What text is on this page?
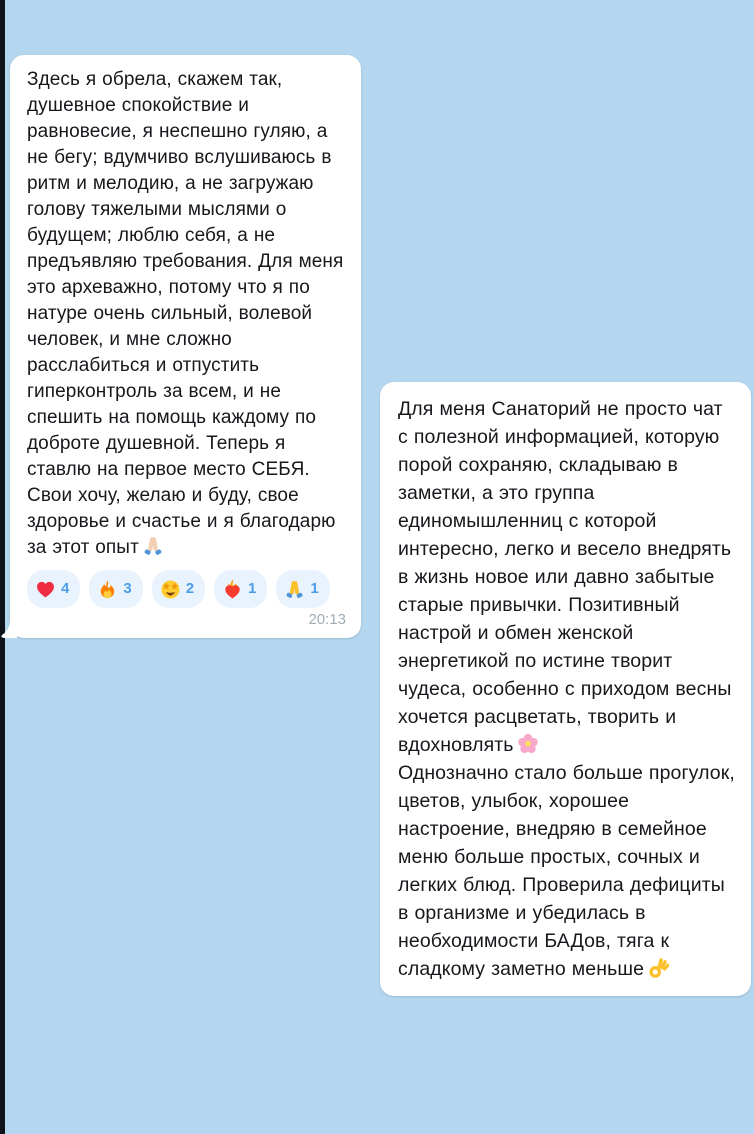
Здесь я обрела, скажем так, душевное спокойствие и равновесие, я неспешно гуляю, а не бегу; вдумчиво вслушиваюсь в ритм и мелодию, а не загружаю голову тяжелыми мыслями о будущем; люблю себя, а не предъявляю требования. Для меня это археважно, потому что я по натуре очень сильный, волевой человек, и мне сложно расслабиться и отпустить гиперконтроль за всем, и не спешить на помощь каждому по доброте душевной. Теперь я ставлю на первое место СЕБЯ. Свои хочу, желаю и буду, свое здоровье и счастье и я благодарю за этот опыт
4	3	2	1	1
20:13
Для меня Санаторий не просто чат с полезной информацией, которую порой сохраняю, складываю в заметки, а это группа единомышленниц с которой интересно, легко и весело внедрять в жизнь новое или давно забытые старые привычки. Позитивный настрой и обмен женской энергетикой по истине творит чудеса, особенно с приходом весны хочется расцветать, творить и вдохновлять
Однозначно стало больше прогулок, цветов, улыбок, хорошее настроение, внедряю в семейное меню больше простых, сочных и легких блюд. Проверила дефициты в организме и убедилась в необходимости БАДов, тяга к сладкому заметно меньше
